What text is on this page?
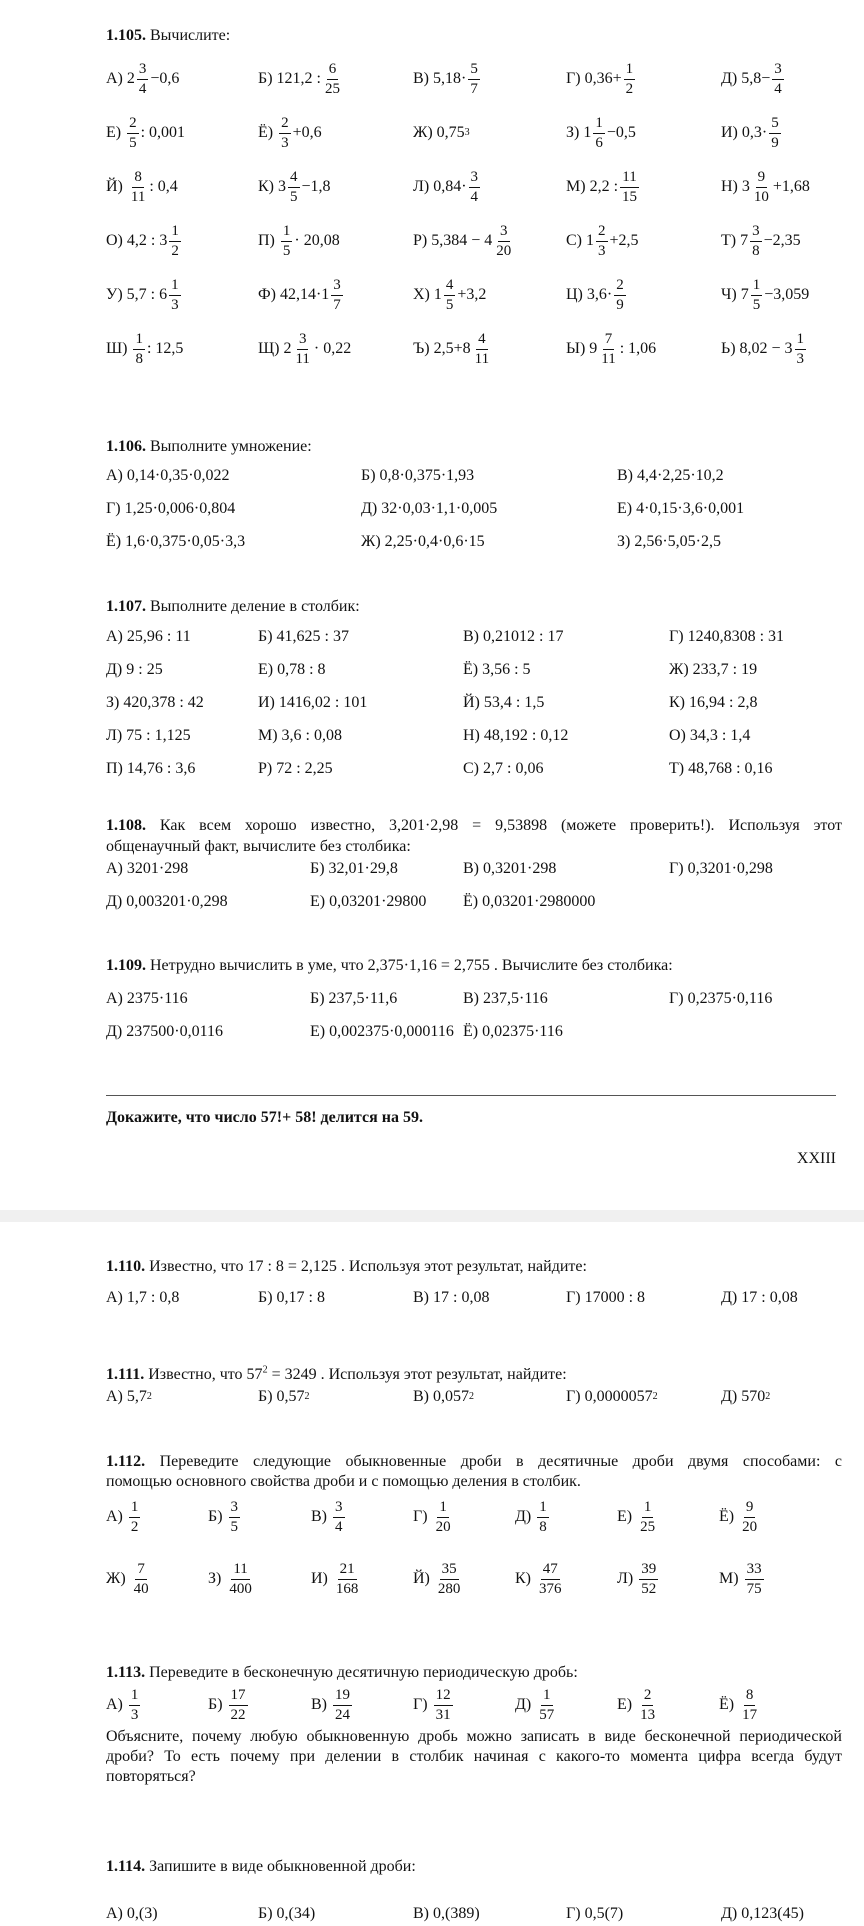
1.105. Вычислите:
А) $2 \frac{3}{4} -0,6$	Б) 121,2 : $\frac{6}{25}$	В) $5,18\cdot \frac{5}{7}$	Г) $0,36+ \frac{1}{2}$	Д) $5,8- \frac{3}{4}$
$Е) \frac{2}{5}$ : 0,001	$Ё) \frac{2}{3} +0,6$	Ж) 0,75 3	З) $1 \frac{1}{6} -0,5$	И) $0,3\cdot \frac{5}{9}$
$Й) \frac{8}{11}$ : 0,4	К) $3 \frac{4}{5} -1,8$	Л) $0,84\cdot \frac{3}{4}$	М) 2,2 : $\frac{11}{15}$	Н) $3 \frac{9}{10} +1,68$
О) 4,2 : $3 \frac{1}{2}$	$П) \frac{1}{5} \cdot 20,08$	Р) $5,384 - 4 \frac{3}{20}$	С) $1 \frac{2}{3} +2,5$	Т) $7 \frac{3}{8} -2,35$
У) 5,7 : $6 \frac{1}{3}$	Ф) $42,14\cdot 1 \frac{3}{7}$	Х) $1 \frac{4}{5} +3,2$	Ц) $3,6\cdot \frac{2}{9}$	Ч) $7 \frac{1}{5} -3,059$
$Ш) \frac{1}{8}$ : 12,5	Щ) $2 \frac{3}{11} \cdot 0,22$	Ъ) $2,5+8 \frac{4}{11}$	Ы) $9 \frac{7}{11}$ : 1,06	Ь) $8,02 - 3 \frac{1}{3}$
1.106. Выполните умножение:
А) 0,14·0,35·0,022	Б) 0,8·0,375·1,93	В) 4,4·2,25·10,2
Г) 1,25·0,006·0,804	Д) 32·0,03·1,1·0,005	Е) 4·0,15·3,6·0,001
Ё) 1,6·0,375·0,05·3,3	Ж) 2,25·0,4·0,6·15	З) 2,56·5,05·2,5
1.107. Выполните деление в столбик:
А) 25,96 : 11	Б) 41,625 : 37	В) 0,21012 : 17	Г) 1240,8308 : 31
Д) 9 : 25	Е) 0,78 : 8	Ё) 3,56 : 5	Ж) 233,7 : 19
З) 420,378 : 42	И) 1416,02 : 101	Й) 53,4 : 1,5	К) 16,94 : 2,8
Л) 75 : 1,125	М) 3,6 : 0,08	Н) 48,192 : 0,12	О) 34,3 : 1,4
П) 14,76 : 3,6	Р) 72 : 2,25	С) 2,7 : 0,06	Т) 48,768 : 0,16
1.108. Как всем хорошо известно, 3,201·2,98 = 9,53898 (можете проверить!). Используя этот
общенаучный факт, вычислите без столбика:
А) 3201·298	Б) 32,01·29,8	В) 0,3201·298	Г) 0,3201·0,298
Д) 0,003201·0,298	Е) 0,03201·29800 Ё) 0,03201·2980000
1.109. Нетрудно вычислить в уме, что 2,375·1,16 = 2,755 . Вычислите без столбика:
А) 2375·116	Б) 237,5·11,6	В) 237,5·116	Г) 0,2375·0,116
Д) 237500·0,0116	Е) 0,002375·0,000116 Ё) 0,02375·116
Докажите, что число 57!+ 58! делится на 59.
XXIII
1.110. Известно, что 17 : 8 = 2,125 . Используя этот результат, найдите:
А) 1,7 : 0,8	Б) 0,17 : 8	В) 17 : 0,08	Г) 17000 : 8	Д) 17 : 0,08
1.111. Известно, что $57^2 = 3249$ . Используя этот результат, найдите:
А) 5,7 2	Б) 0,57 2	В) 0,057 2	Г) 0,0000057 2	Д) 570 2
1.112. Переведите следующие обыкновенные дроби в десятичные дроби двумя способами: с
помощью основного свойства дроби и с помощью деления в столбик.
$А) \frac{1}{2}$	$Б) \frac{3}{5}$	$В) \frac{3}{4}$	$Г) \frac{1}{20}$	$Д) \frac{1}{8}$	$Е) \frac{1}{25}$	$Ё) \frac{9}{20}$
$Ж) \frac{7}{40}$	$З) \frac{11}{400}$	$И) \frac{21}{168}$	$Й) \frac{35}{280}$	$К) \frac{47}{376}$	$Л) \frac{39}{52}$	$М) \frac{33}{75}$
1.113. Переведите в бесконечную десятичную периодическую дробь:
$А) \frac{1}{3}$	$Б) \frac{17}{22}$	$В) \frac{19}{24}$	$Г) \frac{12}{31}$	$Д) \frac{1}{57}$	$Е) \frac{2}{13}$	$Ё) \frac{8}{17}$
Объясните, почему любую обыкновенную дробь можно записать в виде бесконечной периодической дроби? То есть почему при делении в столбик начиная с какого-то момента цифра всегда будут повторяться?
1.114. Запишите в виде обыкновенной дроби:
А) 0,(3)	Б) 0,(34)	В) 0,(389)	Г) 0,5(7)	Д) 0,123(45)
